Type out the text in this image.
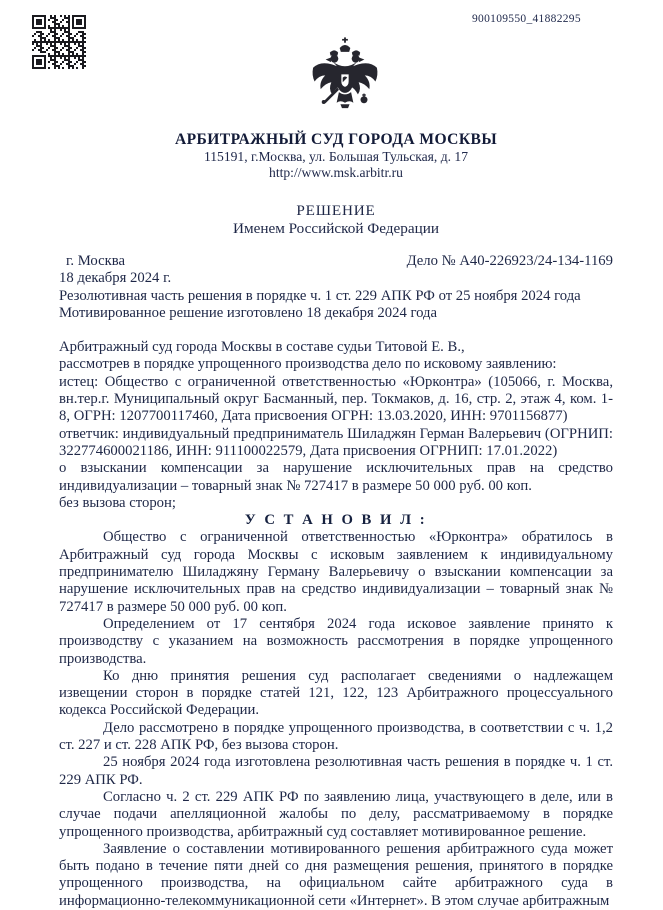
900109550_41882295
АРБИТРАЖНЫЙ СУД ГОРОДА МОСКВЫ
115191, г.Москва, ул. Большая Тульская, д. 17
http://www.msk.arbitr.ru
РЕШЕНИЕ
Именем Российской Федерации
г. Москва	Дело № А40-226923/24-134-1169
18 декабря 2024 г.
Резолютивная часть решения в порядке ч. 1 ст. 229 АПК РФ от 25 ноября 2024 года
Мотивированное решение изготовлено 18 декабря 2024 года

Арбитражный суд города Москвы в составе судьи Титовой Е. В.,

рассмотрев в порядке упрощенного производства дело по исковому заявлению:

истец: Общество с ограниченной ответственностью «Юрконтра» (105066, г. Москва, вн.тер.г. Муниципальный округ Басманный, пер. Токмаков, д. 16, стр. 2, этаж 4, ком. 1-8, ОГРН: 1207700117460, Дата присвоения ОГРН: 13.03.2020, ИНН: 9701156877)

ответчик: индивидуальный предприниматель Шиладжян Герман Валерьевич (ОГРНИП: 322774600021186, ИНН: 911100022579, Дата присвоения ОГРНИП: 17.01.2022)

о взыскании компенсации за нарушение исключительных прав на средство индивидуализации – товарный знак № 727417 в размере 50 000 руб. 00 коп.

без вызова сторон;

У С Т А Н О В И Л :

Общество с ограниченной ответственностью «Юрконтра» обратилось в Арбитражный суд города Москвы с исковым заявлением к индивидуальному предпринимателю Шиладжяну Герману Валерьевичу о взыскании компенсации за нарушение исключительных прав на средство индивидуализации – товарный знак № 727417 в размере 50 000 руб. 00 коп.

Определением от 17 сентября 2024 года исковое заявление принято к производству с указанием на возможность рассмотрения в порядке упрощенного производства.

Ко дню принятия решения суд располагает сведениями о надлежащем извещении сторон в порядке статей 121, 122, 123 Арбитражного процессуального кодекса Российской Федерации.

Дело рассмотрено в порядке упрощенного производства, в соответствии с ч. 1,2 ст. 227 и ст. 228 АПК РФ, без вызова сторон.

25 ноября 2024 года изготовлена резолютивная часть решения в порядке ч. 1 ст. 229 АПК РФ.

Согласно ч. 2 ст. 229 АПК РФ по заявлению лица, участвующего в деле, или в случае подачи апелляционной жалобы по делу, рассматриваемому в порядке упрощенного производства, арбитражный суд составляет мотивированное решение.

Заявление о составлении мотивированного решения арбитражного суда может быть подано в течение пяти дней со дня размещения решения, принятого в порядке упрощенного производства, на официальном сайте арбитражного суда в информационно-телекоммуникационной сети «Интернет». В этом случае арбитражным
